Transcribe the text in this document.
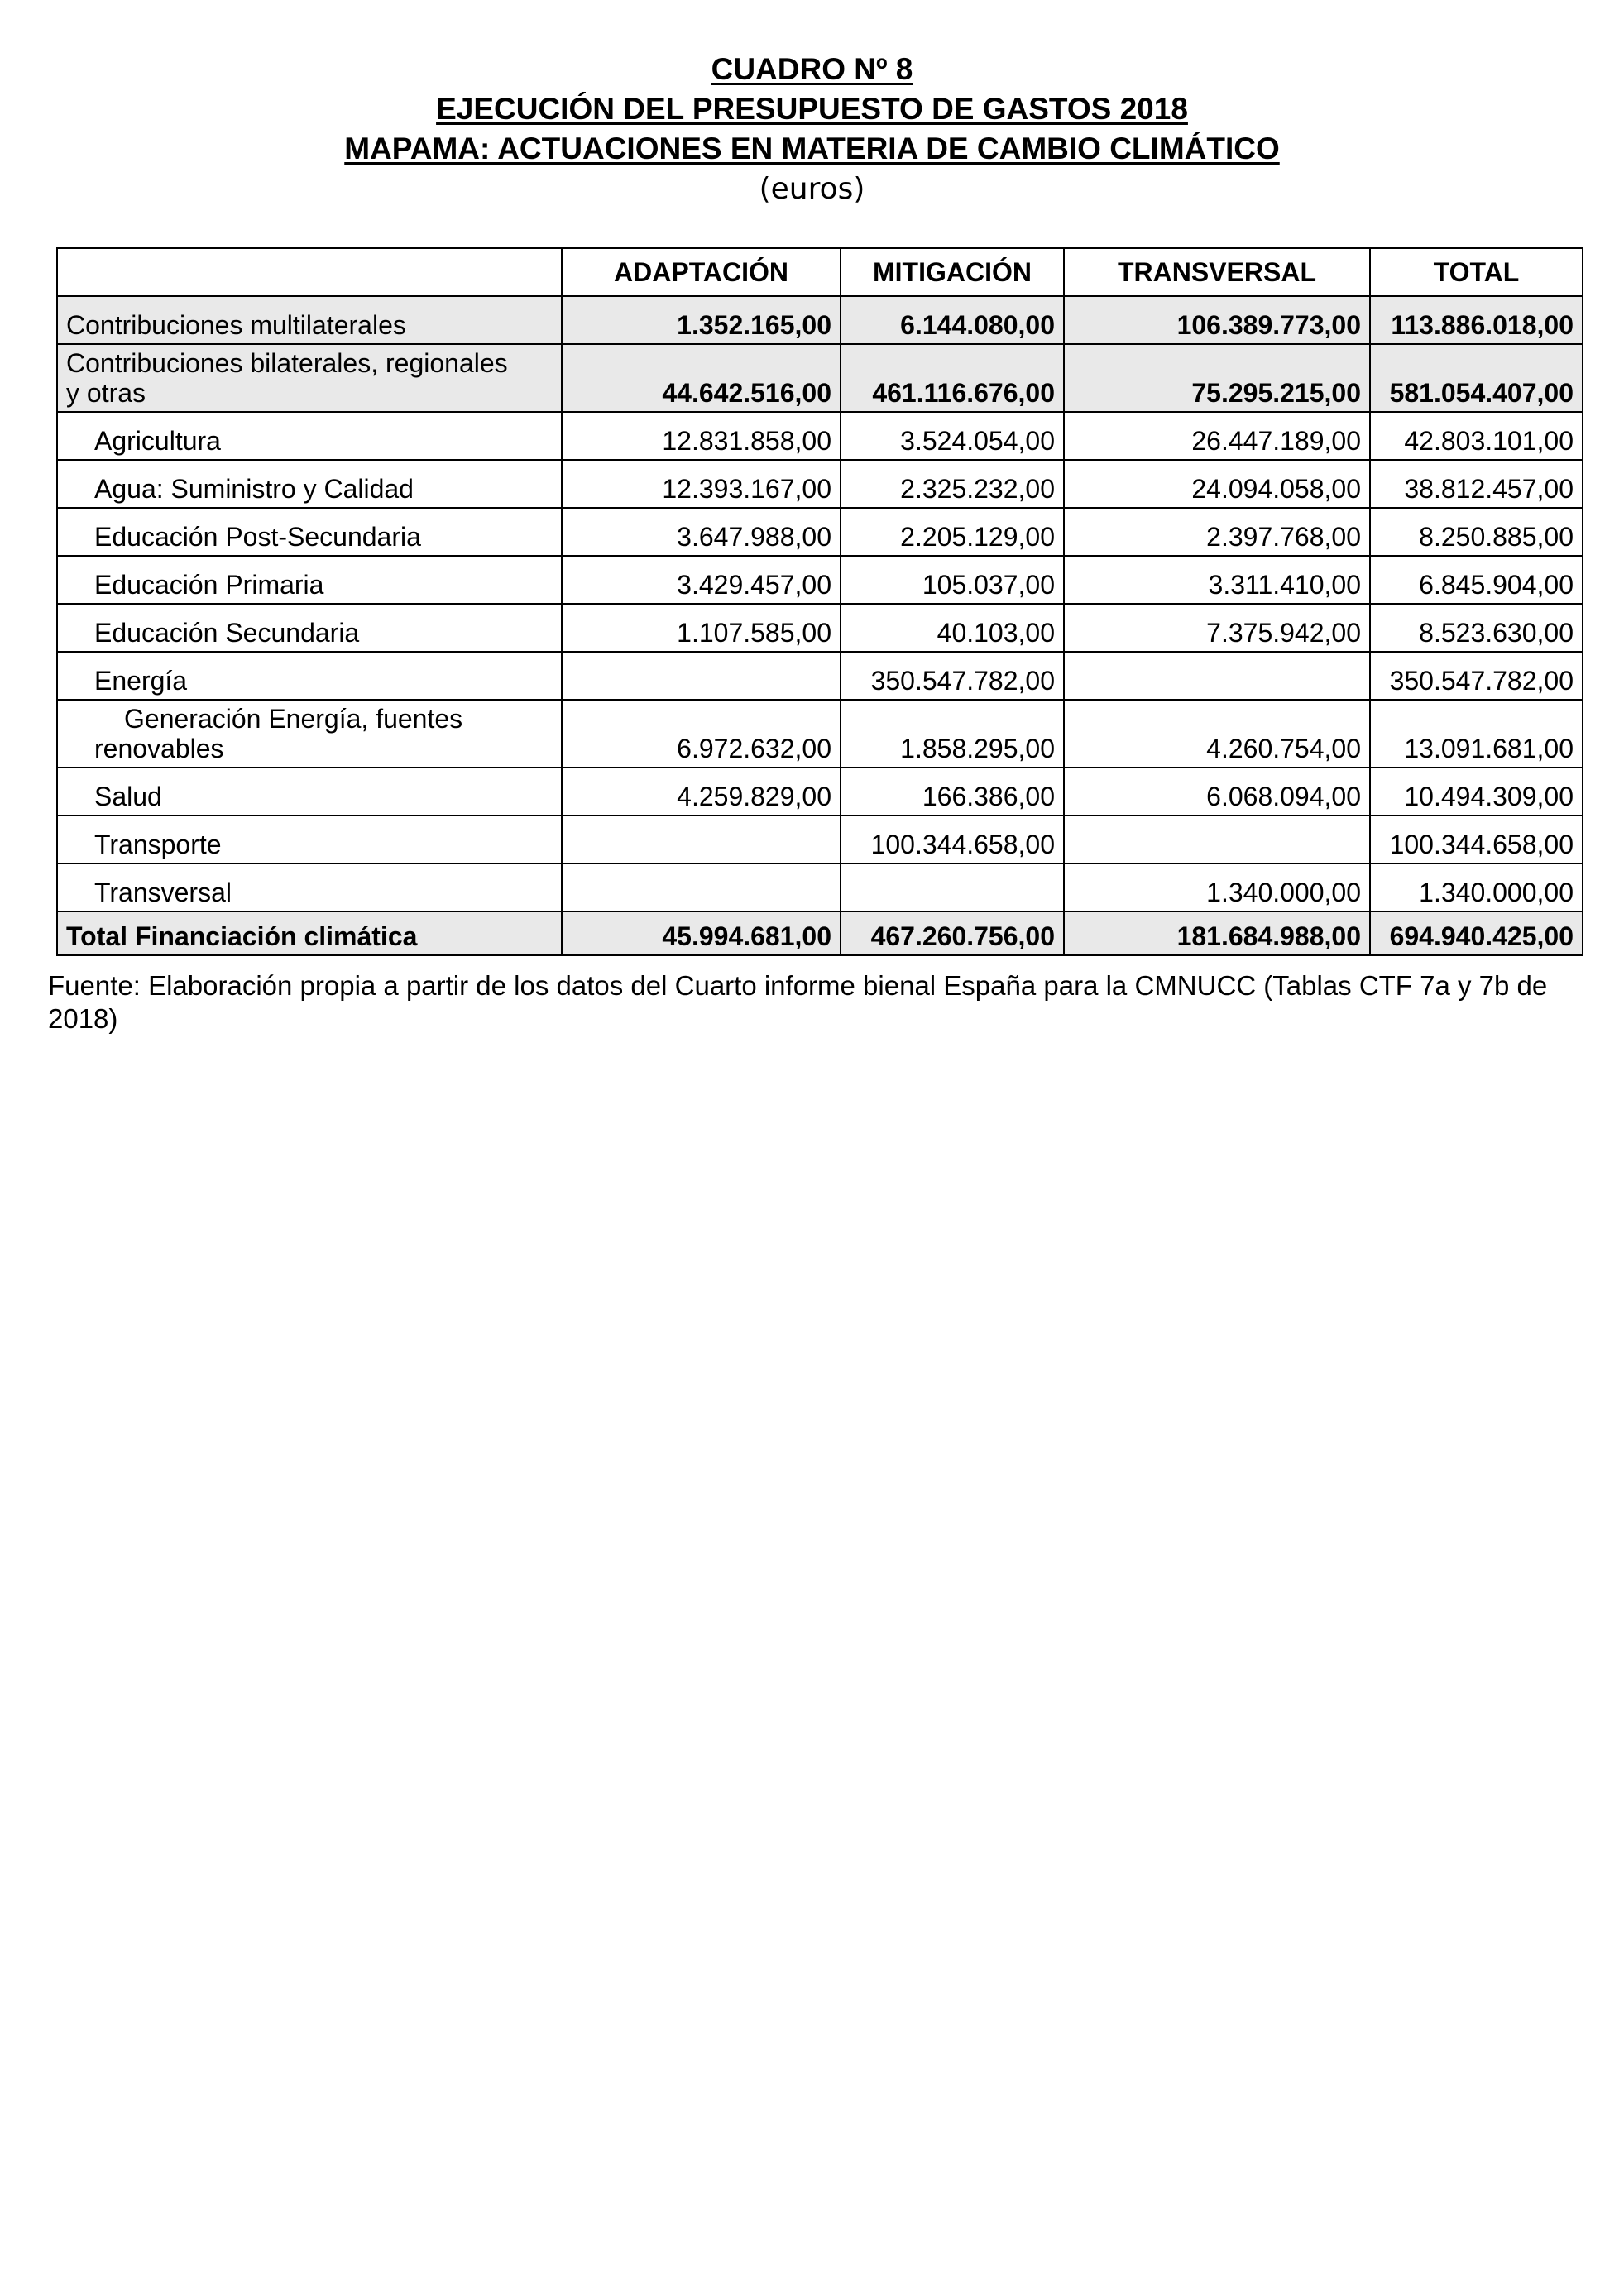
CUADRO Nº 8
EJECUCIÓN DEL PRESUPUESTO DE GASTOS 2018
MAPAMA: ACTUACIONES EN MATERIA DE CAMBIO CLIMÁTICO
(euros)
	ADAPTACIÓN	MITIGACIÓN	TRANSVERSAL	TOTAL
Contribuciones multilaterales	1.352.165,00	6.144.080,00	106.389.773,00	113.886.018,00

Contribuciones bilaterales, regionales
y otras	44.642.516,00	461.116.676,00	75.295.215,00	581.054.407,00
Agricultura	12.831.858,00	3.524.054,00	26.447.189,00	42.803.101,00
Agua: Suministro y Calidad	12.393.167,00	2.325.232,00	24.094.058,00	38.812.457,00
Educación Post-Secundaria	3.647.988,00	2.205.129,00	2.397.768,00	8.250.885,00
Educación Primaria	3.429.457,00	105.037,00	3.311.410,00	6.845.904,00
Educación Secundaria	1.107.585,00	40.103,00	7.375.942,00	8.523.630,00
Energía		350.547.782,00		350.547.782,00
Generación Energía, fuentes
renovables	6.972.632,00	1.858.295,00	4.260.754,00	13.091.681,00
Salud	4.259.829,00	166.386,00	6.068.094,00	10.494.309,00
Transporte		100.344.658,00		100.344.658,00
Transversal			1.340.000,00	1.340.000,00
Total Financiación climática	45.994.681,00	467.260.756,00	181.684.988,00	694.940.425,00
Fuente: Elaboración propia a partir de los datos del Cuarto informe bienal España para la CMNUCC (Tablas CTF 7a y 7b de
2018)
